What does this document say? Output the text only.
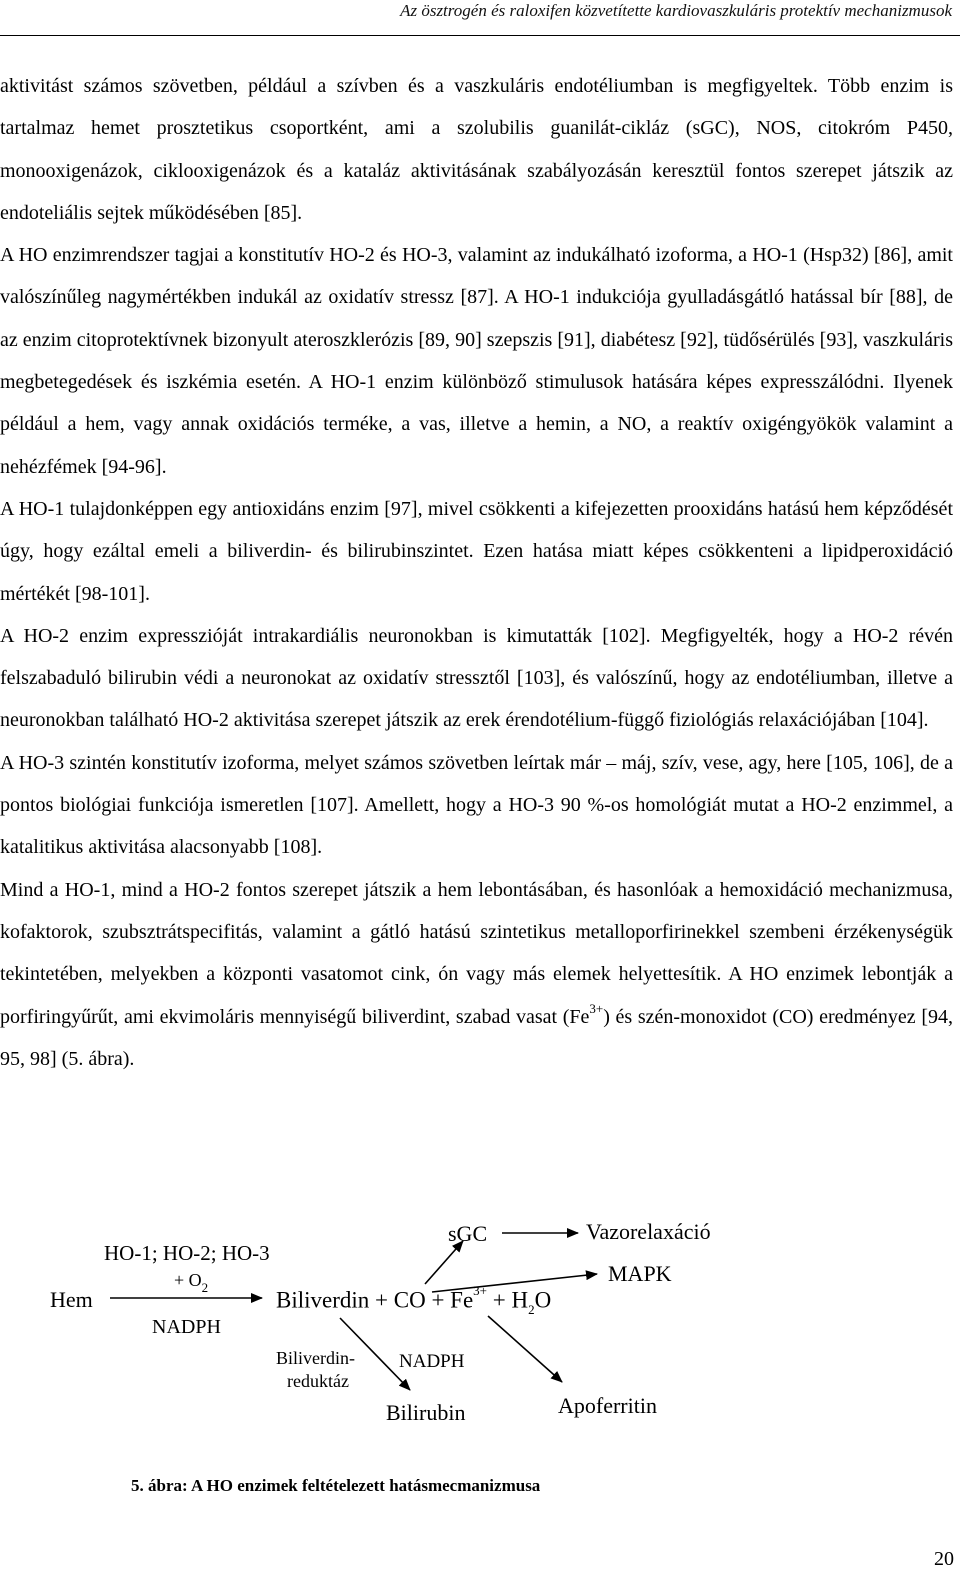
Az ösztrogén és raloxifen közvetítette kardiovaszkuláris protektív mechanizmusok

aktivitást számos szövetben, például a szívben és a vaszkuláris endotéliumban is megfigyeltek. Több enzim is tartalmaz hemet prosztetikus csoportként, ami a szolubilis guanilát-cikláz (sGC), NOS, citokróm P450, monooxigenázok, ciklooxigenázok és a kataláz aktivitásának szabályozásán keresztül fontos szerepet játszik az endoteliális sejtek működésében [85].

A HO enzimrendszer tagjai a konstitutív HO-2 és HO-3, valamint az indukálható izoforma, a HO-1 (Hsp32) [86], amit valószínűleg nagymértékben indukál az oxidatív stressz [87]. A HO-1 indukciója gyulladásgátló hatással bír [88], de az enzim citoprotektívnek bizonyult ateroszklerózis [89, 90] szepszis [91], diabétesz [92], tüdősérülés [93], vaszkuláris megbetegedések és iszkémia esetén. A HO-1 enzim különböző stimulusok hatására képes expresszálódni. Ilyenek például a hem, vagy annak oxidációs terméke, a vas, illetve a hemin, a NO, a reaktív oxigéngyökök valamint a nehézfémek [94-96].

A HO-1 tulajdonképpen egy antioxidáns enzim [97], mivel csökkenti a kifejezetten prooxidáns hatású hem képződését úgy, hogy ezáltal emeli a biliverdin- és bilirubinszintet. Ezen hatása miatt képes csökkenteni a lipidperoxidáció mértékét [98-101].

A HO-2 enzim expresszióját intrakardiális neuronokban is kimutatták [102]. Megfigyelték, hogy a HO-2 révén felszabaduló bilirubin védi a neuronokat az oxidatív stressztől [103], és valószínű, hogy az endotéliumban, illetve a neuronokban található HO-2 aktivitása szerepet játszik az erek érendotélium-függő fiziológiás relaxációjában [104].

A HO-3 szintén konstitutív izoforma, melyet számos szövetben leírtak már – máj, szív, vese, agy, here [105, 106], de a pontos biológiai funkciója ismeretlen [107]. Amellett, hogy a HO-3 90 %-os homológiát mutat a HO-2 enzimmel, a katalitikus aktivitása alacsonyabb [108].

Mind a HO-1, mind a HO-2 fontos szerepet játszik a hem lebontásában, és hasonlóak a hemoxidáció mechanizmusa, kofaktorok, szubsztrátspecifitás, valamint a gátló hatású szintetikus metalloporfirinekkel szembeni érzékenységük tekintetében, melyekben a központi vasatomot cink, ón vagy más elemek helyettesítik. A HO enzimek lebontják a porfiringyűrűt, ami ekvimoláris mennyiségű biliverdint, szabad vasat $(Fe^{3+})$ és szén-monoxidot (CO) eredményez [94, 95, 98] (5. ábra).

HO-1; HO-2; HO-3
+ $O_2$
Hem
NADPH
Biliverdin + CO + $Fe^{3+} + H_2O$
sGC	Vazorelaxáció
MAPK
Biliverdin-
reduktáz
NADPH
Bilirubin	Apoferritin
5. ábra: A HO enzimek feltételezett hatásmecmanizmusa
20
